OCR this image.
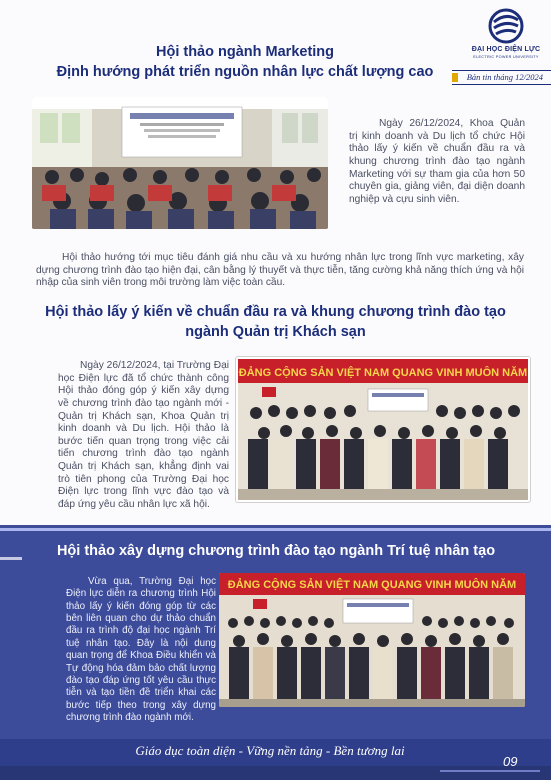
ĐẠI HỌC ĐIỆN LỰC
ELECTRIC POWER UNIVERSITY
Bản tin tháng 12/2024
Hội thảo ngành Marketing
Định hướng phát triển nguồn nhân lực chất lượng cao

Ngày 26/12/2024, Khoa Quản trị kinh doanh và Du lịch tổ chức Hội thảo lấy ý kiến về chuẩn đầu ra và khung chương trình đào tạo ngành Marketing với sự tham gia của hơn 50 chuyên gia, giảng viên, đại diện doanh nghiệp và cựu sinh viên.

Hội thảo hướng tới mục tiêu đánh giá nhu cầu và xu hướng nhân lực trong lĩnh vực marketing, xây dựng chương trình đào tạo hiện đại, cân bằng lý thuyết và thực tiễn, tăng cường khả năng thích ứng và hội nhập của sinh viên trong môi trường làm việc toàn cầu.

Hội thảo lấy ý kiến về chuẩn đầu ra và khung chương trình đào tạo
ngành Quản trị Khách sạn

Ngày 26/12/2024, tại Trường Đại học Điện lực đã tổ chức thành công Hội thảo đóng góp ý kiến xây dựng về chương trình đào tạo ngành mới - Quản trị Khách sạn, Khoa Quản trị kinh doanh và Du lịch. Hội thảo là bước tiến quan trọng trong việc cải tiến chương trình đào tạo ngành Quản trị Khách sạn, khẳng định vai trò tiên phong của Trường Đại học Điện lực trong lĩnh vực đào tạo và đáp ứng yêu cầu nhân lực xã hội.

ĐẢNG CỘNG SẢN VIỆT NAM QUANG VINH MUÔN NĂM
Hội thảo xây dựng chương trình đào tạo ngành Trí tuệ nhân tạo

Vừa qua, Trường Đại học Điện lực diễn ra chương trình Hội thảo lấy ý kiến đóng góp từ các bên liên quan cho dự thảo chuẩn đầu ra trình độ đại học ngành Trí tuệ nhân tạo. Đây là nội dung quan trọng để Khoa Điều khiển và Tự động hóa đảm bảo chất lượng đào tạo đáp ứng tốt yêu cầu thực tiễn và tạo tiền đề triển khai các bước tiếp theo trong xây dựng chương trình đào ngành mới.

ĐẢNG CỘNG SẢN VIỆT NAM QUANG VINH MUÔN NĂM
Giáo dục toàn diện - Vững nền tảng - Bền tương lai
09
